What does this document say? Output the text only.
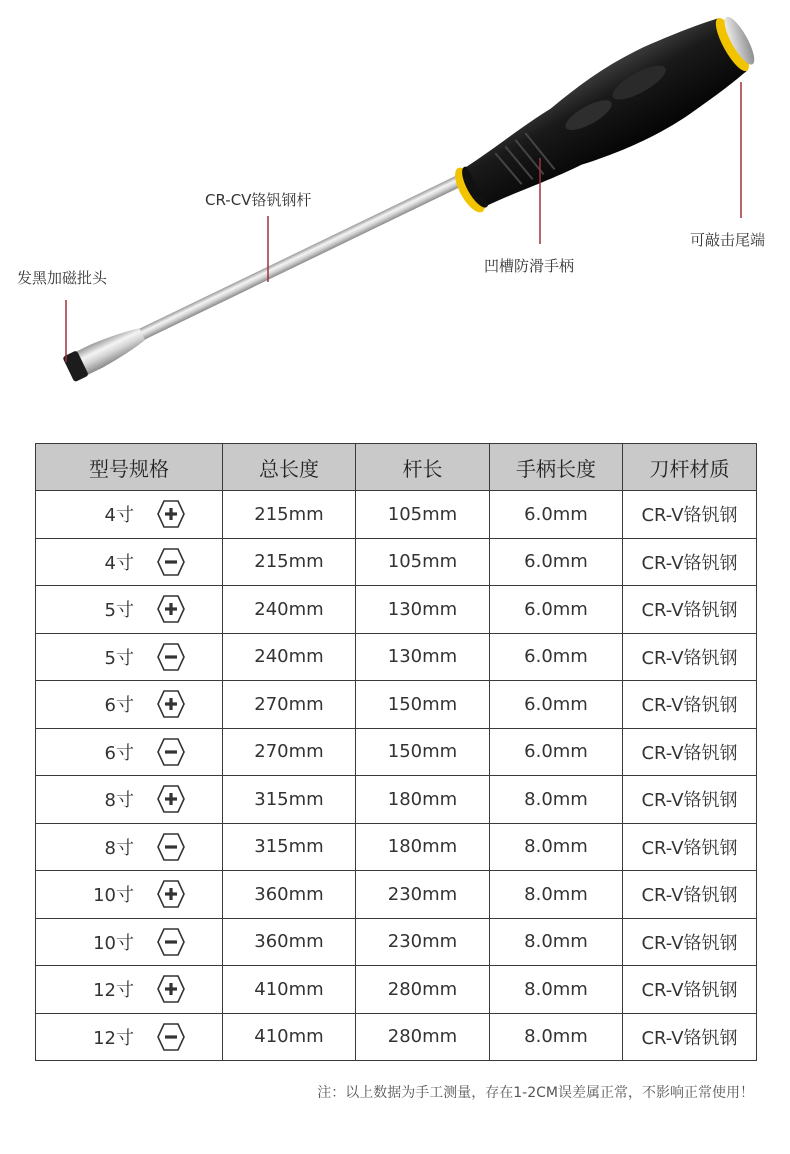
CR-CV铬钒钢杆
发黑加磁批头
凹槽防滑手柄
可敲击尾端
型号规格	总长度	杆长	手柄长度	刀杆材质

4寸	215mm	105mm	6.0mm	CR-V铬钒钢

4寸	215mm	105mm	6.0mm	CR-V铬钒钢

5寸	240mm	130mm	6.0mm	CR-V铬钒钢

5寸	240mm	130mm	6.0mm	CR-V铬钒钢

6寸	270mm	150mm	6.0mm	CR-V铬钒钢

6寸	270mm	150mm	6.0mm	CR-V铬钒钢

8寸	315mm	180mm	8.0mm	CR-V铬钒钢

8寸	315mm	180mm	8.0mm	CR-V铬钒钢

10寸	360mm	230mm	8.0mm	CR-V铬钒钢

10寸	360mm	230mm	8.0mm	CR-V铬钒钢

12寸	410mm	280mm	8.0mm	CR-V铬钒钢

12寸	410mm	280mm	8.0mm	CR-V铬钒钢
注：以上数据为手工测量，存在1-2CM误差属正常，不影响正常使用！
